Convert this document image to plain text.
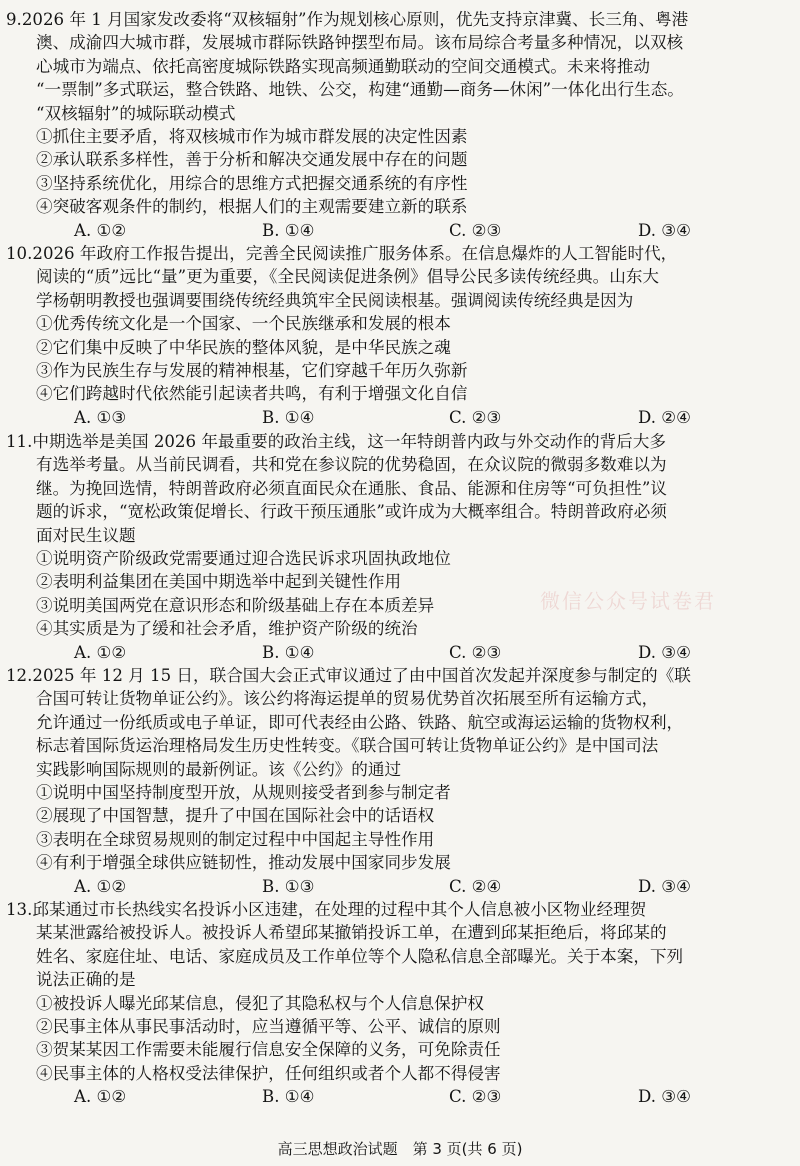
9.2026 年 1 月国家发改委将“双核辐射”作为规划核心原则，优先支持京津冀、长三角、粤港
澳、成渝四大城市群，发展城市群际铁路钟摆型布局。该布局综合考量多种情况，以双核
心城市为端点、依托高密度城际铁路实现高频通勤联动的空间交通模式。未来将推动
“一票制”多式联运，整合铁路、地铁、公交，构建“通勤—商务—休闲”一体化出行生态。
“双核辐射”的城际联动模式
①抓住主要矛盾，将双核城市作为城市群发展的决定性因素
②承认联系多样性，善于分析和解决交通发展中存在的问题
③坚持系统优化，用综合的思维方式把握交通系统的有序性
④突破客观条件的制约，根据人们的主观需要建立新的联系
A. ①②	B. ①④	C. ②③	D. ③④
10.2026 年政府工作报告提出，完善全民阅读推广服务体系。在信息爆炸的人工智能时代，
阅读的“质”远比“量”更为重要，《全民阅读促进条例》倡导公民多读传统经典。山东大
学杨朝明教授也强调要围绕传统经典筑牢全民阅读根基。强调阅读传统经典是因为
①优秀传统文化是一个国家、一个民族继承和发展的根本
②它们集中反映了中华民族的整体风貌，是中华民族之魂
③作为民族生存与发展的精神根基，它们穿越千年历久弥新
④它们跨越时代依然能引起读者共鸣，有利于增强文化自信
A. ①③	B. ①④	C. ②③	D. ②④
11.中期选举是美国 2026 年最重要的政治主线，这一年特朗普内政与外交动作的背后大多
有选举考量。从当前民调看，共和党在参议院的优势稳固，在众议院的微弱多数难以为
继。为挽回选情，特朗普政府必须直面民众在通胀、食品、能源和住房等“可负担性”议
题的诉求，“宽松政策促增长、行政干预压通胀”或许成为大概率组合。特朗普政府必须
面对民生议题
①说明资产阶级政党需要通过迎合选民诉求巩固执政地位
②表明利益集团在美国中期选举中起到关键性作用
③说明美国两党在意识形态和阶级基础上存在本质差异
④其实质是为了缓和社会矛盾，维护资产阶级的统治
A. ①②	B. ①④	C. ②③	D. ③④
12.2025 年 12 月 15 日，联合国大会正式审议通过了由中国首次发起并深度参与制定的《联
合国可转让货物单证公约》。该公约将海运提单的贸易优势首次拓展至所有运输方式，
允许通过一份纸质或电子单证，即可代表经由公路、铁路、航空或海运运输的货物权利，
标志着国际货运治理格局发生历史性转变。《联合国可转让货物单证公约》是中国司法
实践影响国际规则的最新例证。该《公约》的通过
①说明中国坚持制度型开放，从规则接受者到参与制定者
②展现了中国智慧，提升了中国在国际社会中的话语权
③表明在全球贸易规则的制定过程中中国起主导性作用
④有利于增强全球供应链韧性，推动发展中国家同步发展
A. ①②	B. ①③	C. ②④	D. ③④
13.邱某通过市长热线实名投诉小区违建，在处理的过程中其个人信息被小区物业经理贺
某某泄露给被投诉人。被投诉人希望邱某撤销投诉工单，在遭到邱某拒绝后，将邱某的
姓名、家庭住址、电话、家庭成员及工作单位等个人隐私信息全部曝光。关于本案，下列
说法正确的是
①被投诉人曝光邱某信息，侵犯了其隐私权与个人信息保护权
②民事主体从事民事活动时，应当遵循平等、公平、诚信的原则
③贺某某因工作需要未能履行信息安全保障的义务，可免除责任
④民事主体的人格权受法律保护，任何组织或者个人都不得侵害
A. ①②	B. ①④	C. ②③	D. ③④
微信公众号试卷君
高三思想政治试题　第 3 页(共 6 页)
